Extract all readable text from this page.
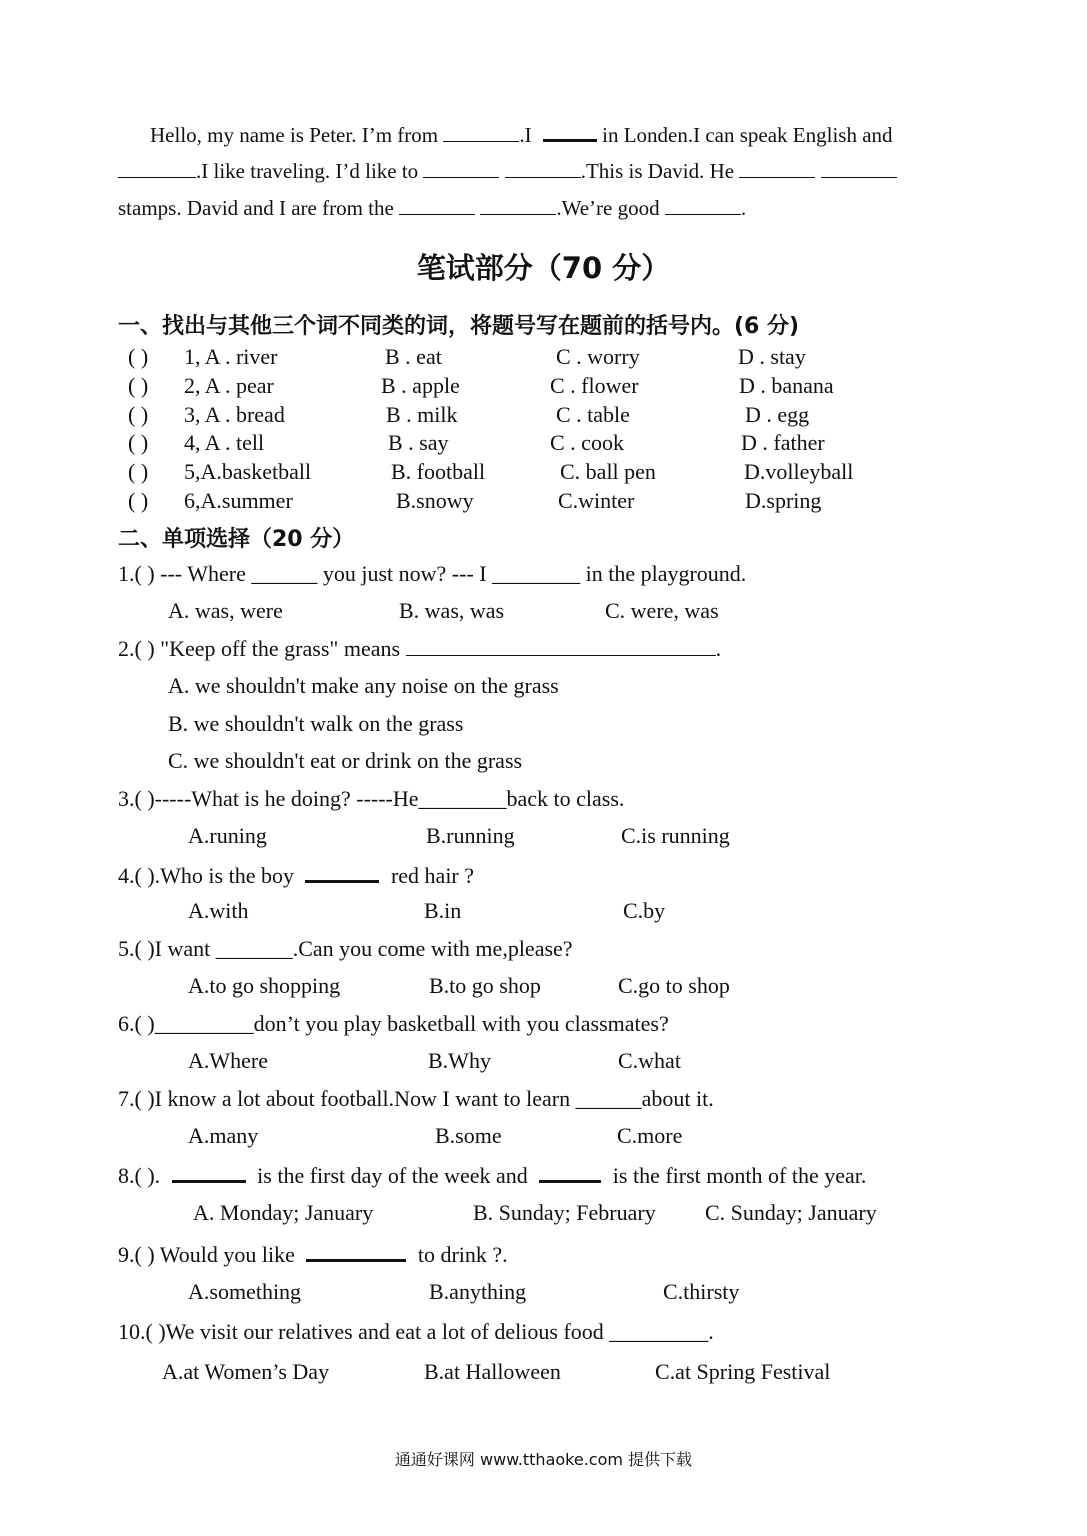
Hello, my name is Peter. I’m from	.I	in Londen.I can speak English and
.I like traveling. I’d like to	.This is David. He
stamps. David and I are from the	.We’re good	.
笔试部分（70 分）
一、找出与其他三个词不同类的词，将题号写在题前的括号内。(6 分)
( ) 1, A . river	B . eat	C . worry	D . stay
( ) 2, A . pear	B . apple	C . flower	D . banana
( ) 3, A . bread	B . milk	C . table	D . egg
( ) 4, A . tell	B . say	C . cook	D . father
( ) 5,A.basketball	B. football	C. ball pen	D.volleyball
( ) 6,A.summer	B.snowy	C.winter	D.spring
二、单项选择（20 分）
1.( ) --- Where ______ you just now? --- I ________ in the playground.
A. was, were	B. was, was	C. were, was
2.( ) "Keep off the grass" means	.
A. we shouldn't make any noise on the grass
B. we shouldn't walk on the grass
C. we shouldn't eat or drink on the grass
3.( )-----What is he doing? -----He________back to class.
A.runing	B.running	C.is running
4.( ).Who is the boy	red hair ?
A.with	B.in	C.by
5.( )I want _______.Can you come with me,please?
A.to go shopping	B.to go shop	C.go to shop
6.( )_________don’t you play basketball with you classmates?
A.Where	B.Why	C.what
7.( )I know a lot about football.Now I want to learn ______about it.
A.many	B.some	C.more
8.( ).	is the first day of the week and	is the first month of the year.
A. Monday; January	B. Sunday; February C. Sunday; January
9.( ) Would you like	to drink ?.
A.something	B.anything	C.thirsty
10.( )We visit our relatives and eat a lot of delious food _________.
A.at Women’s Day	B.at Halloween	C.at Spring Festival
通通好课网 www.tthaoke.com 提供下载
